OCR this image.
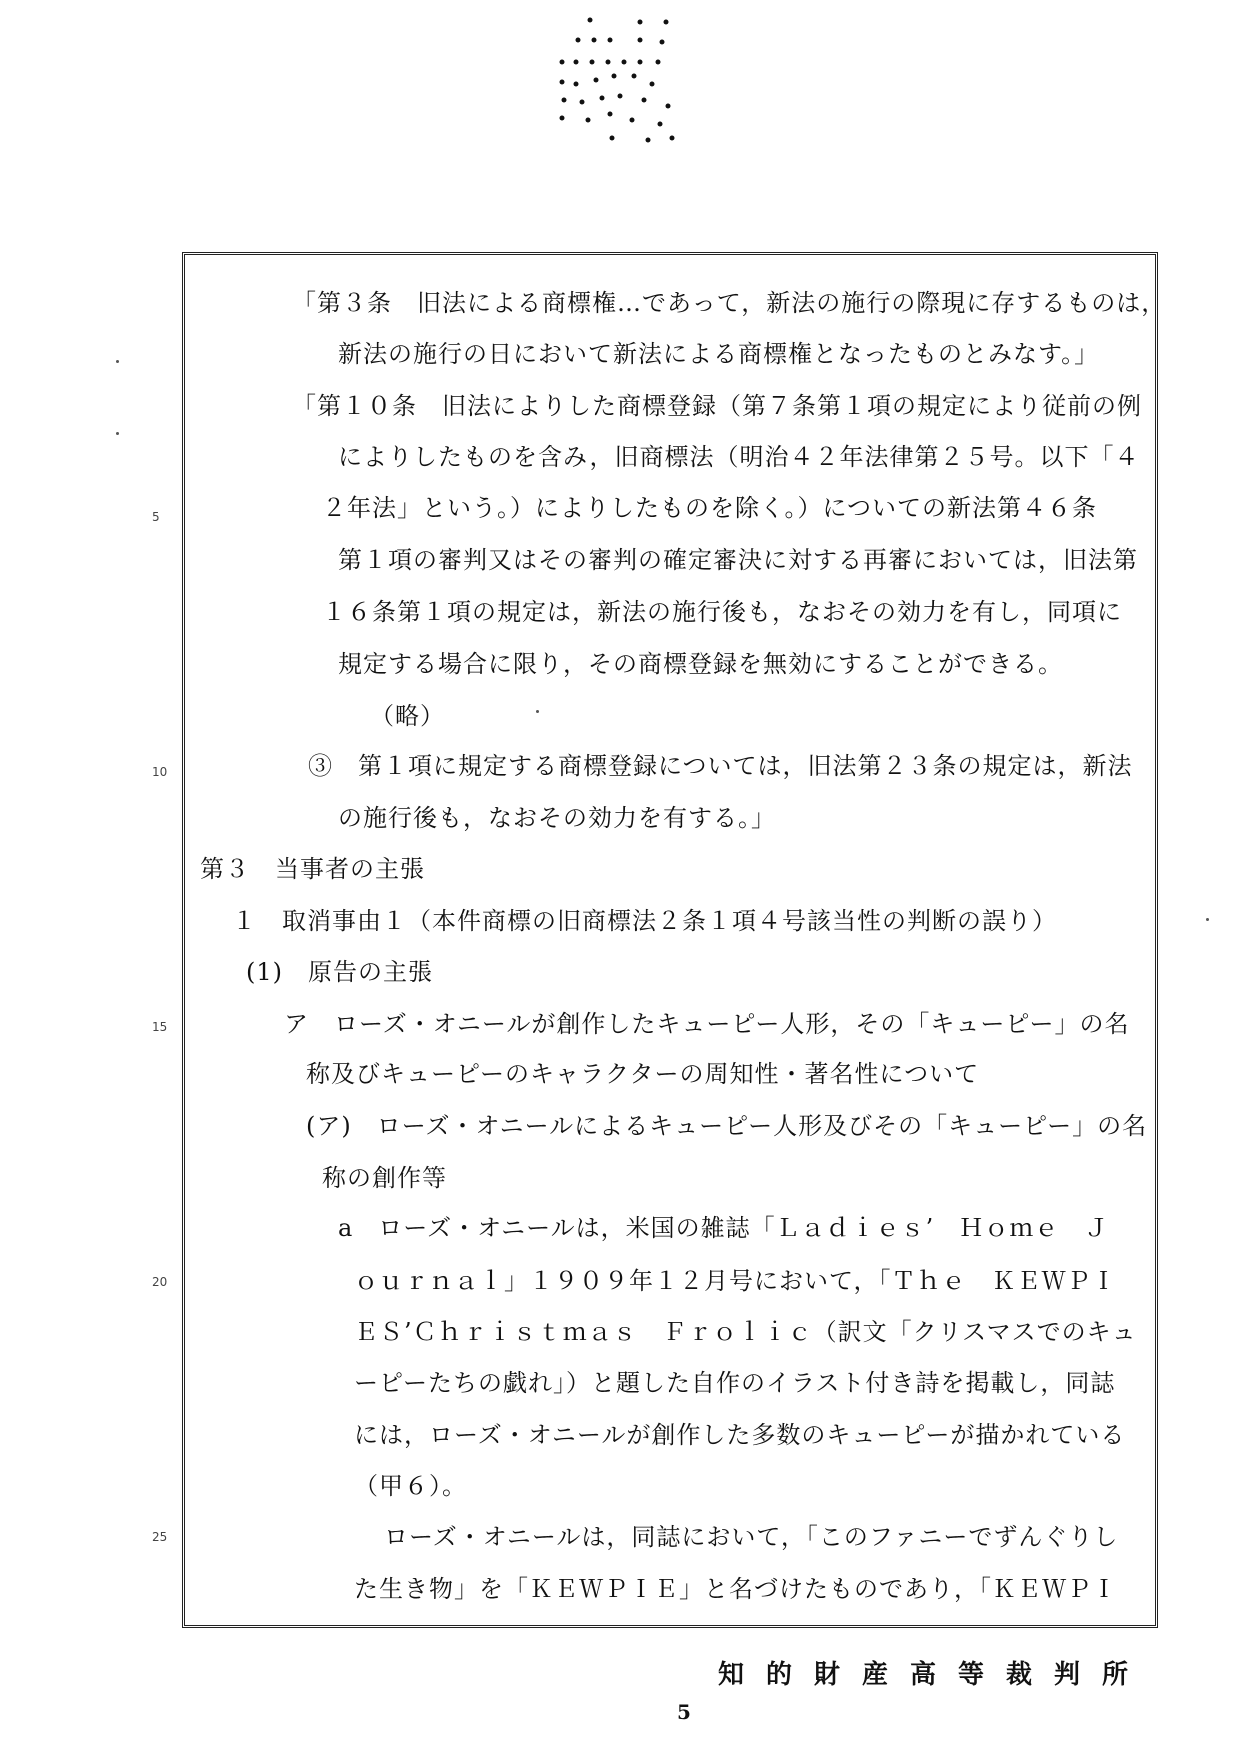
5
10
15
20
25
「第３条　旧法による商標権…であって，新法の施行の際現に存するものは，
新法の施行の日において新法による商標権となったものとみなす。」
「第１０条　旧法によりした商標登録（第７条第１項の規定により従前の例
によりしたものを含み，旧商標法（明治４２年法律第２５号。以下「４
２年法」という。）によりしたものを除く。）についての新法第４６条
第１項の審判又はその審判の確定審決に対する再審においては，旧法第
１６条第１項の規定は，新法の施行後も，なおその効力を有し，同項に
規定する場合に限り，その商標登録を無効にすることができる。
（略）
③　第１項に規定する商標登録については，旧法第２３条の規定は，新法
の施行後も，なおその効力を有する。」
第３　当事者の主張
１　取消事由１（本件商標の旧商標法２条１項４号該当性の判断の誤り）
(1)　原告の主張
ア　ローズ・オニールが創作したキューピー人形，その「キューピー」の名
称及びキューピーのキャラクターの周知性・著名性について
(ア)　ローズ・オニールによるキューピー人形及びその「キューピー」の名
称の創作等
a　ローズ・オニールは，米国の雑誌「Ｌａｄｉｅｓ’　Ｈｏｍｅ　Ｊ
ｏｕｒｎａｌ」１９０９年１２月号において，「Ｔｈｅ　ＫＥＷＰＩ
ＥＳ’Ｃｈｒｉｓｔｍａｓ　Ｆｒｏｌｉｃ（訳文「クリスマスでのキュ
ーピーたちの戯れ」）と題した自作のイラスト付き詩を掲載し，同誌
には，ローズ・オニールが創作した多数のキューピーが描かれている
（甲６）。
ローズ・オニールは，同誌において，「このファニーでずんぐりし
た生き物」を「ＫＥＷＰＩＥ」と名づけたものであり，「ＫＥＷＰＩ
知的財産高等裁判所
5
